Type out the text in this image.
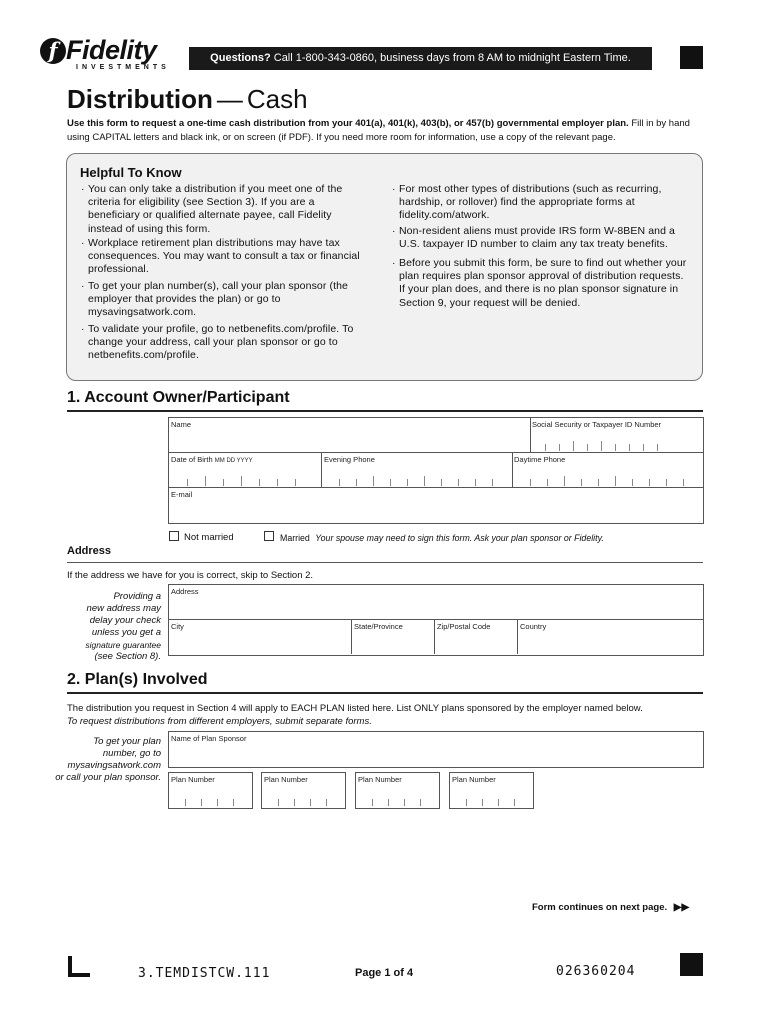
f Fidelity
INVESTMENTS
Questions? Call 1-800-343-0860, business days from 8 AM to midnight Eastern Time.
Distribution — Cash
Use this form to request a one-time cash distribution from your 401(a), 401(k), 403(b), or 457(b) governmental employer plan. Fill in by hand using CAPITAL letters and black ink, or on screen (if PDF). If you need more room for information, use a copy of the relevant page.
Helpful To Know
· You can only take a distribution if you meet one of the criteria for eligibility (see Section 3). If you are a beneficiary or qualified alternate payee, call Fidelity instead of using this form.
· Workplace retirement plan distributions may have tax consequences. You may want to consult a tax or financial professional.
· To get your plan number(s), call your plan sponsor (the employer that provides the plan) or go to mysavingsatwork.com.
· To validate your profile, go to netbenefits.com/profile. To change your address, call your plan sponsor or go to netbenefits.com/profile.
· For most other types of distributions (such as recurring, hardship, or rollover) find the appropriate forms at fidelity.com/atwork.
· Non-resident aliens must provide IRS form W-8BEN and a U.S. taxpayer ID number to claim any tax treaty benefits.
· Before you submit this form, be sure to find out whether your plan requires plan sponsor approval of distribution requests. If your plan does, and there is no plan sponsor signature in Section 9, your request will be denied.
1. Account Owner/Participant
Name	Social Security or Taxpayer ID Number
Date of Birth MM DD YYYY	Evening Phone	Daytime Phone
E-mail
Not married	Married Your spouse may need to sign this form. Ask your plan sponsor or Fidelity.
Address
If the address we have for you is correct, skip to Section 2.
Providing a
new address may
delay your check
unless you get a
signature guarantee
(see Section 8).
Address
City	State/Province	Zip/Postal Code	Country
2. Plan(s) Involved
The distribution you request in Section 4 will apply to EACH PLAN listed here. List ONLY plans sponsored by the employer named below.
To request distributions from different employers, submit separate forms.
To get your plan
number, go to
mysavingsatwork.com
or call your plan sponsor.
Name of Plan Sponsor
Plan Number	Plan Number	Plan Number	Plan Number
Form continues on next page. ▶▶
3.TEMDISTCW.111	Page 1 of 4	026360204
